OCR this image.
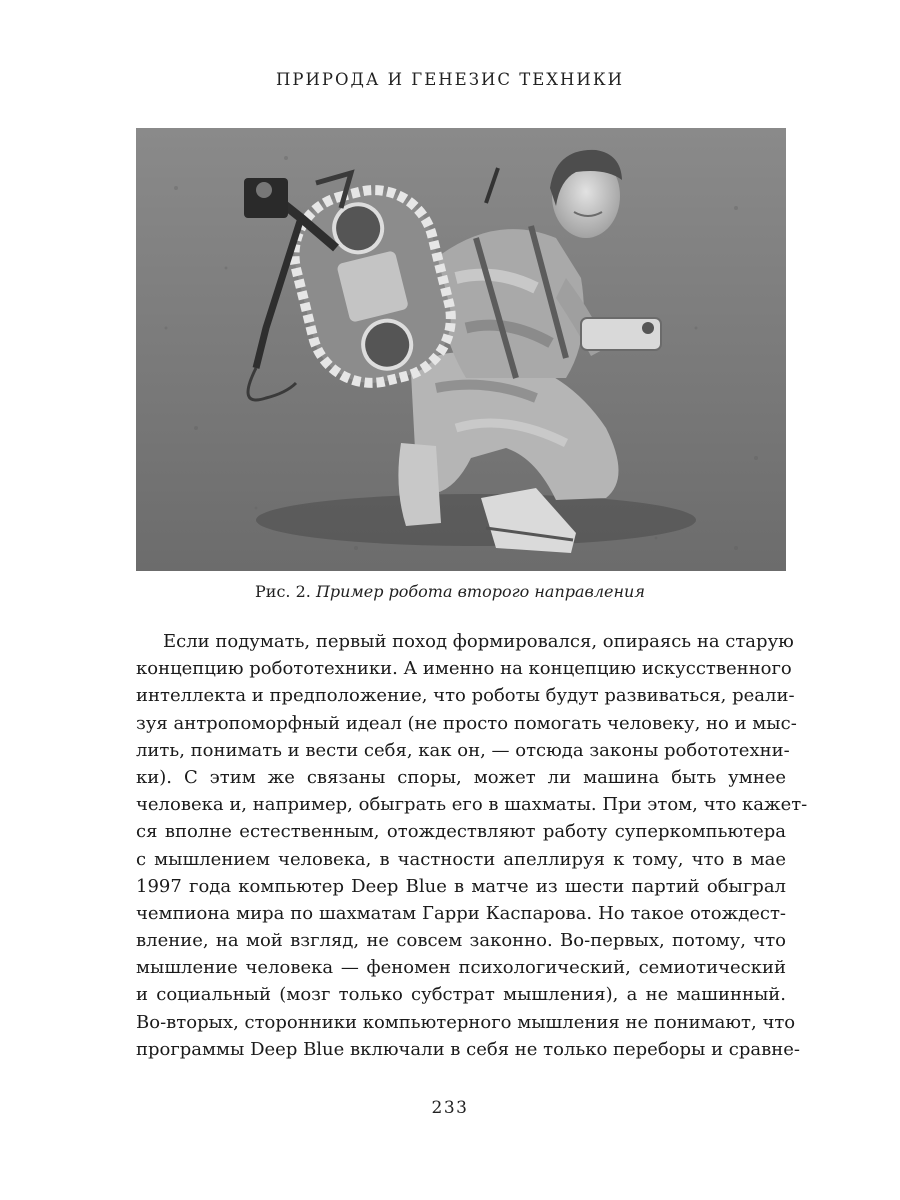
ПРИРОДА И ГЕНЕЗИС ТЕХНИКИ
Рис. 2. Пример робота второго направления
Если подумать, первый поход формировался, опираясь на старую
концепцию робототехники. А именно на концепцию искусственного
интеллекта и предположение, что роботы будут развиваться, реали-
зуя антропоморфный идеал (не просто помогать человеку, но и мыс-
лить, понимать и вести себя, как он, — отсюда законы робототехни-
ки). С этим же связаны споры, может ли машина быть умнее
человека и, например, обыграть его в шахматы. При этом, что кажет-
ся вполне естественным, отождествляют работу суперкомпьютера
с мышлением человека, в частности апеллируя к тому, что в мае
1997 года компьютер Deep Blue в матче из шести партий обыграл
чемпиона мира по шахматам Гарри Каспарова. Но такое отождест-
вление, на мой взгляд, не совсем законно. Во-первых, потому, что
мышление человека — феномен психологический, семиотический
и социальный (мозг только субстрат мышления), а не машинный.
Во-вторых, сторонники компьютерного мышления не понимают, что
программы Deep Blue включали в себя не только переборы и сравне-
233
